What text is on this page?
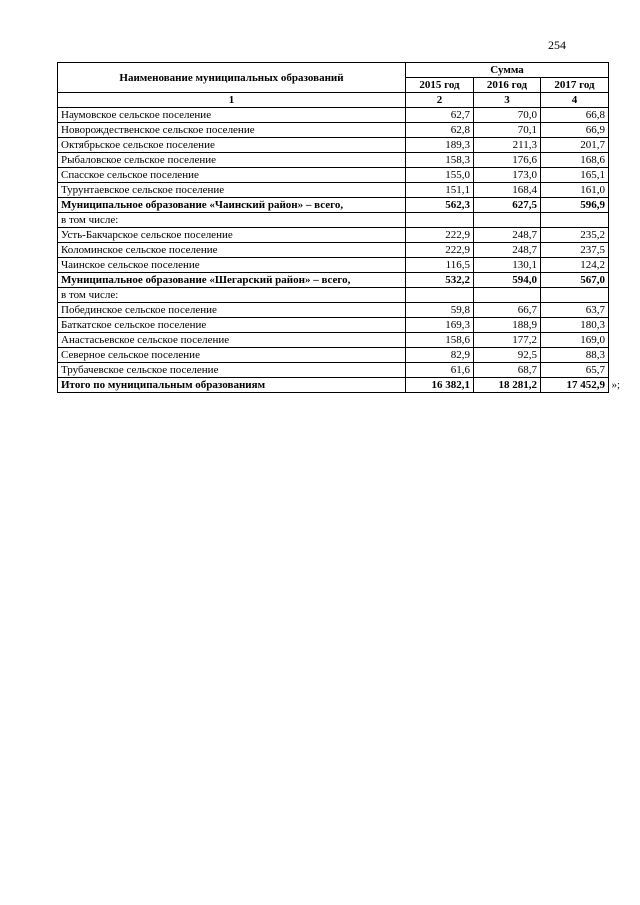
254
Наименование муниципальных образований	Сумма		
	2015 год	2016 год	2017 год
1	2	3	4
Наумовское сельское поселение	62,7	70,0	66,8
Новорождественское сельское поселение	62,8	70,1	66,9
Октябрьское сельское поселение	189,3	211,3	201,7
Рыбаловское сельское поселение	158,3	176,6	168,6
Спасское сельское поселение	155,0	173,0	165,1
Турунтаевское сельское поселение	151,1	168,4	161,0
Муниципальное образование «Чаинский район» – всего,	562,3	627,5	596,9
в том числе:			
Усть-Бакчарское сельское поселение	222,9	248,7	235,2
Коломинское сельское поселение	222,9	248,7	237,5
Чаинское сельское поселение	116,5	130,1	124,2
Муниципальное образование «Шегарский район» – всего,	532,2	594,0	567,0
в том числе:			
Побединское сельское поселение	59,8	66,7	63,7
Баткатское сельское поселение	169,3	188,9	180,3
Анастасьевское сельское поселение	158,6	177,2	169,0
Северное сельское поселение	82,9	92,5	88,3
Трубачевское сельское поселение	61,6	68,7	65,7
Итого по муниципальным образованиям	16 382,1	18 281,2	17 452,9 »;
